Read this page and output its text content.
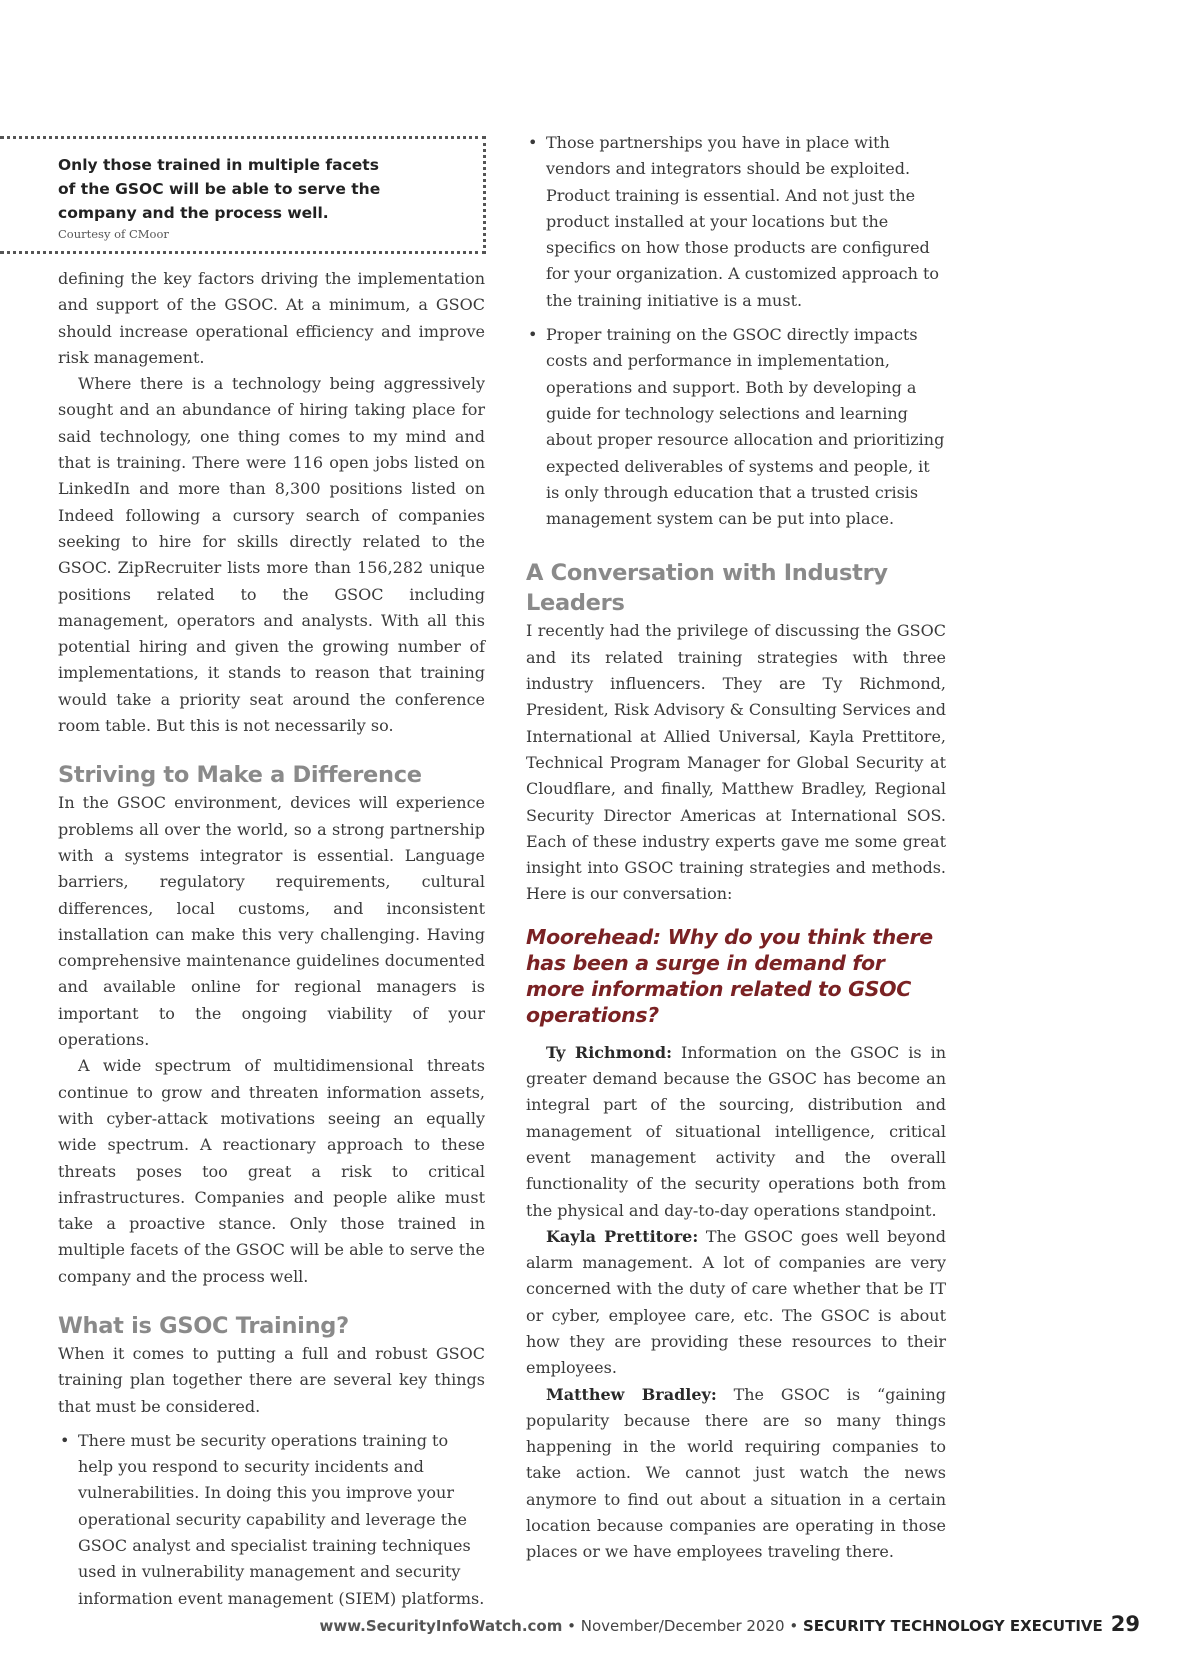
Only those trained in multiple facets of the GSOC will be able to serve the company and the process well.
Courtesy of CMoor

defining the key factors driving the implementation and support of the GSOC. At a minimum, a GSOC should increase operational efficiency and improve risk management.

Where there is a technology being aggressively sought and an abundance of hiring taking place for said technology, one thing comes to my mind and that is training. There were 116 open jobs listed on LinkedIn and more than 8,300 positions listed on Indeed following a cursory search of companies seeking to hire for skills directly related to the GSOC. ZipRecruiter lists more than 156,282 unique positions related to the GSOC including management, operators and analysts. With all this potential hiring and given the growing number of implementations, it stands to reason that training would take a priority seat around the conference room table. But this is not necessarily so.

Striving to Make a Difference

In the GSOC environment, devices will experience problems all over the world, so a strong partnership with a systems integrator is essential. Language barriers, regulatory requirements, cultural differences, local customs, and inconsistent installation can make this very challenging. Having comprehensive maintenance guidelines documented and available online for regional managers is important to the ongoing viability of your operations.

A wide spectrum of multidimensional threats continue to grow and threaten information assets, with cyber-attack motivations seeing an equally wide spectrum. A reactionary approach to these threats poses too great a risk to critical infrastructures. Companies and people alike must take a proactive stance. Only those trained in multiple facets of the GSOC will be able to serve the company and the process well.

What is GSOC Training?

When it comes to putting a full and robust GSOC training plan together there are several key things that must be considered.

• There must be security operations training to help you respond to security incidents and vulnerabilities. In doing this you improve your operational security capability and leverage the GSOC analyst and specialist training techniques used in vulnerability management and security information event management (SIEM) platforms.
• Those partnerships you have in place with vendors and integrators should be exploited. Product training is essential. And not just the product installed at your locations but the specifics on how those products are configured for your organization. A customized approach to the training initiative is a must.
• Proper training on the GSOC directly impacts costs and performance in implementation, operations and support. Both by developing a guide for technology selections and learning about proper resource allocation and prioritizing expected deliverables of systems and people, it is only through education that a trusted crisis management system can be put into place.
A Conversation with Industry Leaders

I recently had the privilege of discussing the GSOC and its related training strategies with three industry influencers. They are Ty Richmond, President, Risk Advisory & Consulting Services and International at Allied Universal, Kayla Prettitore, Technical Program Manager for Global Security at Cloudflare, and finally, Matthew Bradley, Regional Security Director Americas at International SOS. Each of these industry experts gave me some great insight into GSOC training strategies and methods. Here is our conversation:

Moorehead: Why do you think there has been a surge in demand for more information related to GSOC operations?

Ty Richmond: Information on the GSOC is in greater demand because the GSOC has become an integral part of the sourcing, distribution and management of situational intelligence, critical event management activity and the overall functionality of the security operations both from the physical and day-to-day operations standpoint.

Kayla Prettitore: The GSOC goes well beyond alarm management. A lot of companies are very concerned with the duty of care whether that be IT or cyber, employee care, etc. The GSOC is about how they are providing these resources to their employees.

Matthew Bradley: The GSOC is “gaining popularity because there are so many things happening in the world requiring companies to take action. We cannot just watch the news anymore to find out about a situation in a certain location because companies are operating in those places or we have employees traveling there.

www.SecurityInfoWatch.com • November/December 2020 • SECURITY TECHNOLOGY EXECUTIVE 29
